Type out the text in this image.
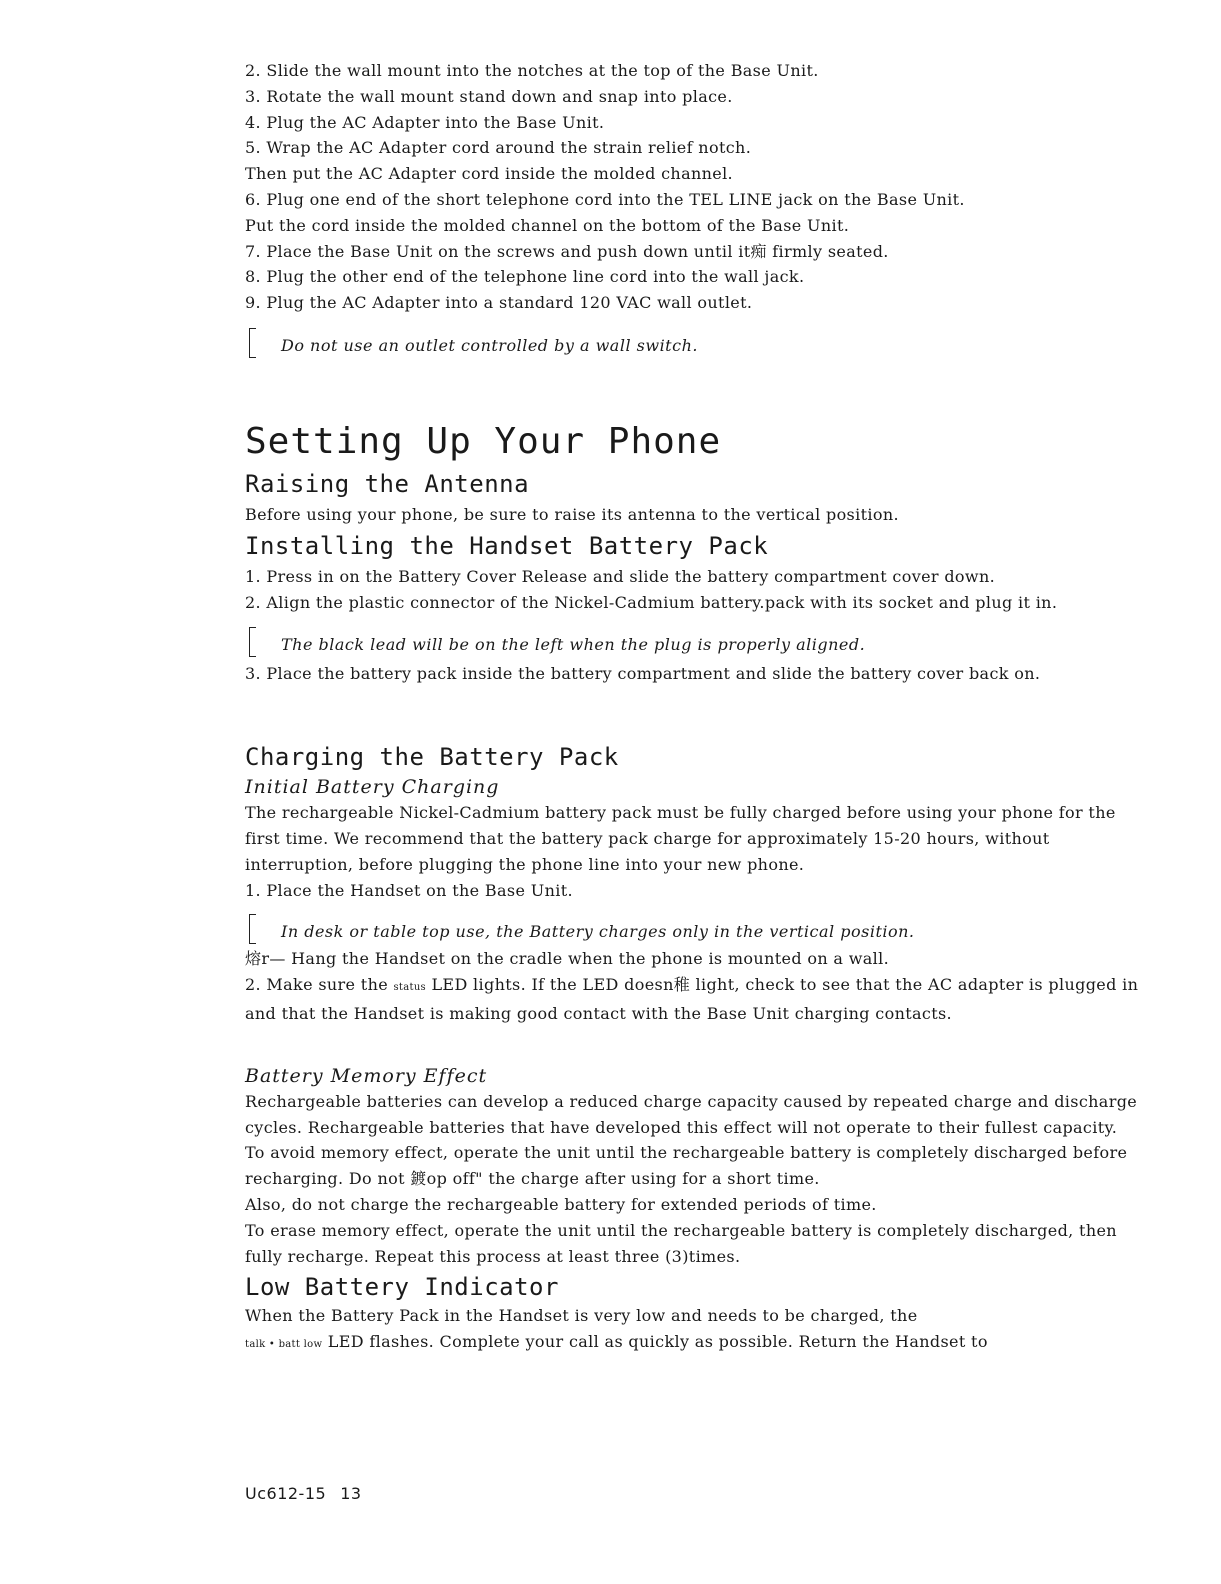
2. Slide the wall mount into the notches at the top of the Base Unit.
3. Rotate the wall mount stand down and snap into place.
4. Plug the AC Adapter into the Base Unit.
5. Wrap the AC Adapter cord around the strain relief notch.
Then put the AC Adapter cord inside the molded channel.
6. Plug one end of the short telephone cord into the TEL LINE jack on the Base Unit.
Put the cord inside the molded channel on the bottom of the Base Unit.
7. Place the Base Unit on the screws and push down until it痴 firmly seated.
8. Plug the other end of the telephone line cord into the wall jack.
9. Plug the AC Adapter into a standard 120 VAC wall outlet.
Do not use an outlet controlled by a wall switch.
Setting Up Your Phone
Raising the Antenna
Before using your phone, be sure to raise its antenna to the vertical position.
Installing the Handset Battery Pack
1. Press in on the Battery Cover Release and slide the battery compartment cover down.
2. Align the plastic connector of the Nickel-Cadmium battery.pack with its socket and plug it in.
The black lead will be on the left when the plug is properly aligned.
3. Place the battery pack inside the battery compartment and slide the battery cover back on.
Charging the Battery Pack
Initial Battery Charging
The rechargeable Nickel-Cadmium battery pack must be fully charged before using your phone for the first time. We recommend that the battery pack charge for approximately 15-20 hours, without interruption, before plugging the phone line into your new phone.
1. Place the Handset on the Base Unit.
In desk or table top use, the Battery charges only in the vertical position.
熔r— Hang the Handset on the cradle when the phone is mounted on a wall.
2. Make sure the status LED lights. If the LED doesn稚 light, check to see that the AC adapter is plugged in and that the Handset is making good contact with the Base Unit charging contacts.
Battery Memory Effect
Rechargeable batteries can develop a reduced charge capacity caused by repeated charge and discharge cycles. Rechargeable batteries that have developed this effect will not operate to their fullest capacity.
To avoid memory effect, operate the unit until the rechargeable battery is completely discharged before recharging. Do not 鍍op off" the charge after using for a short time.
Also, do not charge the rechargeable battery for extended periods of time.
To erase memory effect, operate the unit until the rechargeable battery is completely discharged, then fully recharge. Repeat this process at least three (3)times.
Low Battery Indicator
When the Battery Pack in the Handset is very low and needs to be charged, the
talk • batt low LED flashes. Complete your call as quickly as possible. Return the Handset to
Uc612-15 13
